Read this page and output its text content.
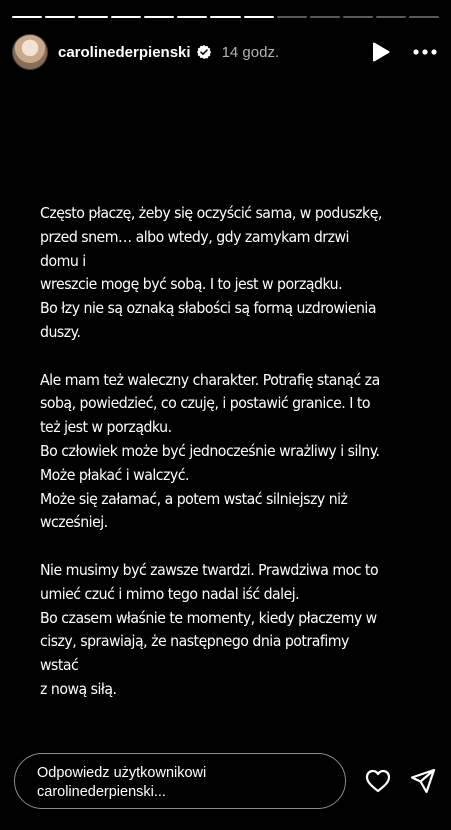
carolinederpienski 14 godz.

Często płaczę, żeby się oczyścić sama, w poduszkę,
przed snem… albo wtedy, gdy zamykam drzwi domu i
wreszcie mogę być sobą. I to jest w porządku.
Bo łzy nie są oznaką słabości są formą uzdrowienia
duszy.

Ale mam też waleczny charakter. Potrafię stanąć za
sobą, powiedzieć, co czuję, i postawić granice. I to
też jest w porządku.
Bo człowiek może być jednocześnie wrażliwy i silny.
Może płakać i walczyć.
Może się załamać, a potem wstać silniejszy niż
wcześniej.

Nie musimy być zawsze twardzi. Prawdziwa moc to
umieć czuć i mimo tego nadal iść dalej.
Bo czasem właśnie te momenty, kiedy płaczemy w
ciszy, sprawiają, że następnego dnia potrafimy wstać
z nową siłą.

Odpowiedz użytkownikowi
carolinederpienski...
